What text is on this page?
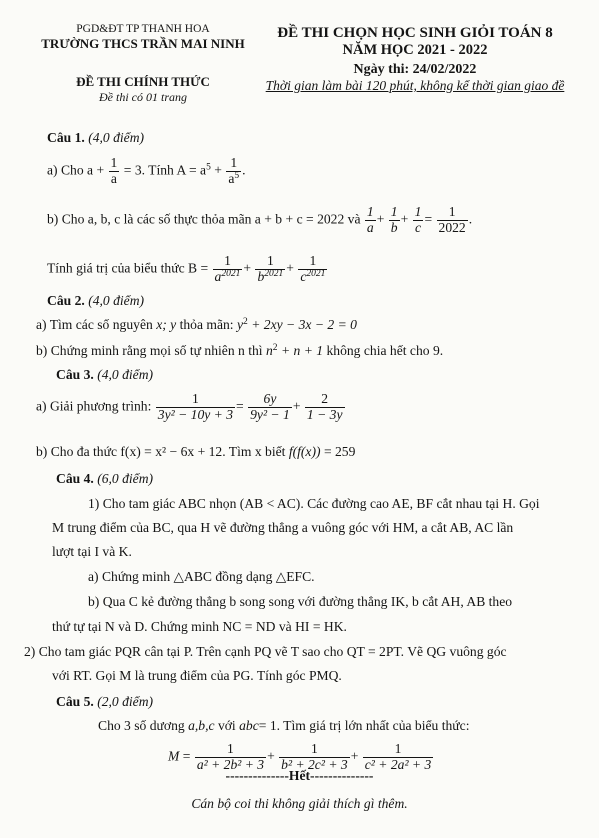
PGD&ĐT TP THANH HOA
TRƯỜNG THCS TRẦN MAI NINH
ĐỀ THI CHÍNH THỨC
Đề thi có 01 trang
ĐỀ THI CHỌN HỌC SINH GIỎI TOÁN 8
NĂM HỌC 2021 - 2022
Ngày thi: 24/02/2022
Thời gian làm bài 120 phút, không kể thời gian giao đề
Câu 1. (4,0 điểm)
a) Cho $a + \frac{1}{a} = 3$. Tính $A = a^5 + \frac{1}{a^5}$ .
b) Cho a, b, c là các số thực thỏa mãn a + b + c = 2022 và $\frac{1}{a} + \frac{1}{b} + \frac{1}{c} = \frac{1}{2022}$ .
Tính giá trị của biểu thức $B = \frac{1}{a^{2021}} + \frac{1}{b^{2021}} + \frac{1}{c^{2021}}$
Câu 2. (4,0 điểm)
a) Tìm các số nguyên x; y thỏa mãn: $y^2 + 2xy - 3x - 2 = 0$
b) Chứng minh rằng mọi số tự nhiên n thì $n^2 + n + 1$ không chia hết cho 9.
Câu 3. (4,0 điểm)
a) Giải phương trình: $\frac{1}{\text{3y² − 10y + 3}} = \frac{6y}{\text{9y² − 1}} + \frac{2}{1 - 3y}$
b) Cho đa thức f(x) = x² − 6x + 12. Tìm x biết f(f(x)) = 259
Câu 4. (6,0 điểm)
1) Cho tam giác ABC nhọn (AB < AC). Các đường cao AE, BF cắt nhau tại H. Gọi
M trung điểm của BC, qua H vẽ đường thẳng a vuông góc với HM, a cắt AB, AC lần
lượt tại I và K.
a) Chứng minh △ABC đồng dạng △EFC.
b) Qua C kẻ đường thẳng b song song với đường thẳng IK, b cắt AH, AB theo
thứ tự tại N và D. Chứng minh NC = ND và HI = HK.
2) Cho tam giác PQR cân tại P. Trên cạnh PQ vẽ T sao cho QT = 2PT. Vẽ QG vuông góc
với RT. Gọi M là trung điểm của PG. Tính góc PMQ.
Câu 5. (2,0 điểm)
Cho 3 số dương a,b,c với abc= 1. Tìm giá trị lớn nhất của biểu thức:
$M = \frac{1}{\text{a² + 2b² + 3}} + \frac{1}{\text{b² + 2c² + 3}} + \frac{1}{\text{c² + 2a² + 3}}$
--------------Hết--------------
Cán bộ coi thi không giải thích gì thêm.
